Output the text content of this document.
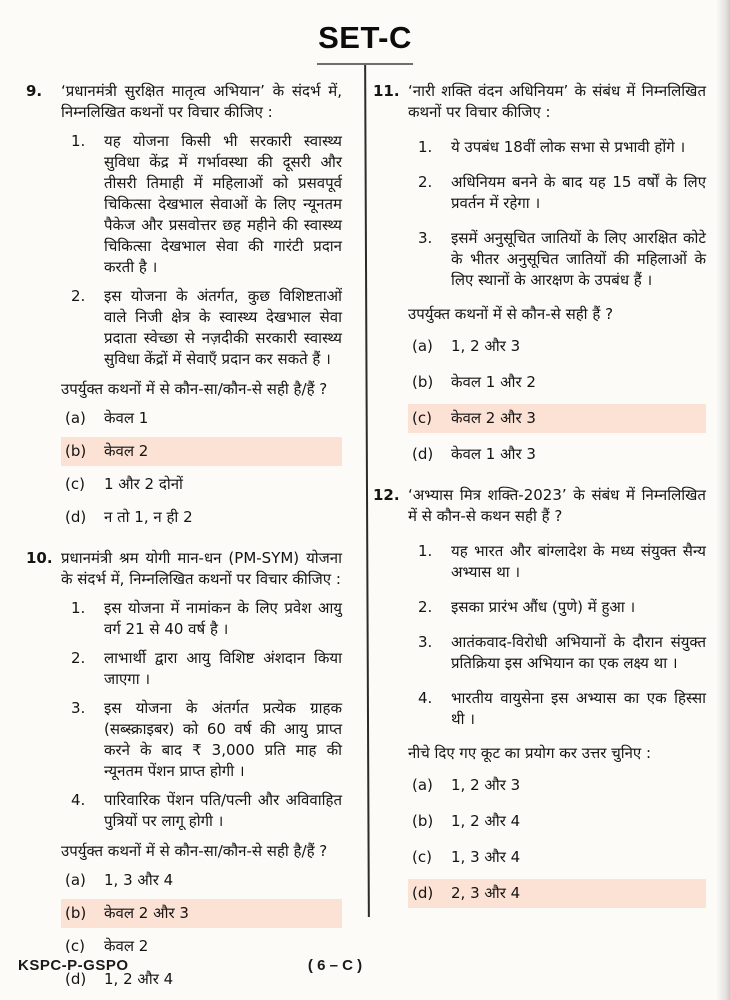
SET-C
9.	‘प्रधानमंत्री सुरक्षित मातृत्व अभियान’ के संदर्भ में, निम्नलिखित कथनों पर विचार कीजिए :
1.	यह योजना किसी भी सरकारी स्वास्थ्य सुविधा केंद्र में गर्भावस्था की दूसरी और तीसरी तिमाही में महिलाओं को प्रसवपूर्व चिकित्सा देखभाल सेवाओं के लिए न्यूनतम पैकेज और प्रसवोत्तर छह महीने की स्वास्थ्य चिकित्सा देखभाल सेवा की गारंटी प्रदान करती है ।
2.	इस योजना के अंतर्गत, कुछ विशिष्टताओं वाले निजी क्षेत्र के स्वास्थ्य देखभाल सेवा प्रदाता स्वेच्छा से नज़दीकी सरकारी स्वास्थ्य सुविधा केंद्रों में सेवाएँ प्रदान कर सकते हैं ।
उपर्युक्त कथनों में से कौन-सा/कौन-से सही है/हैं ?
(a)	केवल 1
(b)	केवल 2
(c)	1 और 2 दोनों
(d)	न तो 1, न ही 2
10. प्रधानमंत्री श्रम योगी मान-धन (PM-SYM) योजना के संदर्भ में, निम्नलिखित कथनों पर विचार कीजिए :
1.	इस योजना में नामांकन के लिए प्रवेश आयु वर्ग 21 से 40 वर्ष है ।
2.	लाभार्थी द्वारा आयु विशिष्ट अंशदान किया जाएगा ।
3.	इस योजना के अंतर्गत प्रत्येक ग्राहक (सब्स्क्राइबर) को 60 वर्ष की आयु प्राप्त करने के बाद ₹ 3,000 प्रति माह की न्यूनतम पेंशन प्राप्त होगी ।
4.	पारिवारिक पेंशन पति/पत्नी और अविवाहित पुत्रियों पर लागू होगी ।
उपर्युक्त कथनों में से कौन-सा/कौन-से सही है/हैं ?
(a)	1, 3 और 4
(b)	केवल 2 और 3
(c)	केवल 2
(d)	1, 2 और 4
11. ‘नारी शक्ति वंदन अधिनियम’ के संबंध में निम्नलिखित कथनों पर विचार कीजिए :
1.	ये उपबंध 18वीं लोक सभा से प्रभावी होंगे ।
2.	अधिनियम बनने के बाद यह 15 वर्षों के लिए प्रवर्तन में रहेगा ।
3.	इसमें अनुसूचित जातियों के लिए आरक्षित कोटे के भीतर अनुसूचित जातियों की महिलाओं के लिए स्थानों के आरक्षण के उपबंध हैं ।
उपर्युक्त कथनों में से कौन-से सही हैं ?
(a)	1, 2 और 3
(b)	केवल 1 और 2
(c)	केवल 2 और 3
(d)	केवल 1 और 3
12. ‘अभ्यास मित्र शक्ति-2023’ के संबंध में निम्नलिखित में से कौन-से कथन सही हैं ?
1.	यह भारत और बांग्लादेश के मध्य संयुक्त सैन्य अभ्यास था ।
2.	इसका प्रारंभ औंध (पुणे) में हुआ ।
3.	आतंकवाद-विरोधी अभियानों के दौरान संयुक्त प्रतिक्रिया इस अभियान का एक लक्ष्य था ।
4.	भारतीय वायुसेना इस अभ्यास का एक हिस्सा थी ।
नीचे दिए गए कूट का प्रयोग कर उत्तर चुनिए :
(a)	1, 2 और 3
(b)	1, 2 और 4
(c)	1, 3 और 4
(d)	2, 3 और 4
KSPC-P-GSPO	( 6 – C )
